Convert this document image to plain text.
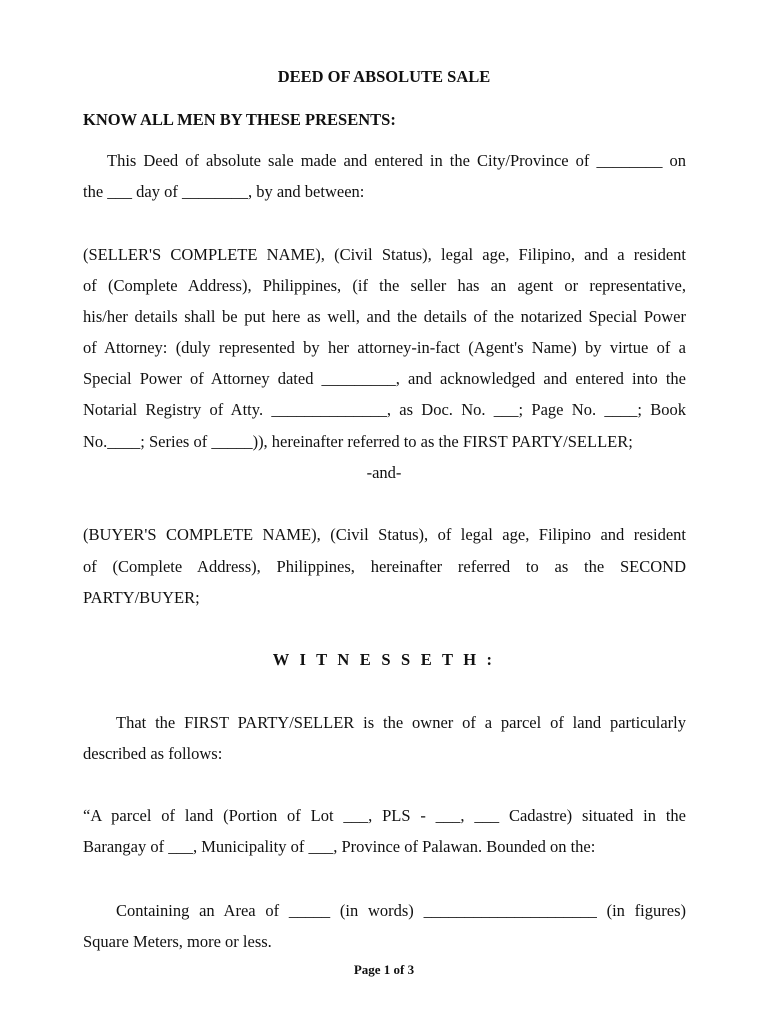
DEED OF ABSOLUTE SALE
KNOW ALL MEN BY THESE PRESENTS:
This Deed of absolute sale made and entered in the City/Province of ________ on
the ___ day of ________, by and between:
(SELLER'S COMPLETE NAME), (Civil Status), legal age, Filipino, and a resident
of (Complete Address), Philippines, (if the seller has an agent or representative,
his/her details shall be put here as well, and the details of the notarized Special Power
of Attorney: (duly represented by her attorney-in-fact (Agent's Name) by virtue of a
Special Power of Attorney dated _________, and acknowledged and entered into the
Notarial Registry of Atty. ______________, as Doc. No. ___; Page No. ____; Book
No.____; Series of _____)), hereinafter referred to as the FIRST PARTY/SELLER;
-and-
(BUYER'S COMPLETE NAME), (Civil Status), of legal age, Filipino and resident
of (Complete Address), Philippines, hereinafter referred to as the SECOND
PARTY/BUYER;
W I T N E S S E T H :
That the FIRST PARTY/SELLER is the owner of a parcel of land particularly
described as follows:
“A parcel of land (Portion of Lot ___, PLS - ___, ___ Cadastre) situated in the
Barangay of ___, Municipality of ___, Province of Palawan. Bounded on the:
Containing an Area of _____ (in words) _____________________ (in figures)
Square Meters, more or less.
Page 1 of 3
